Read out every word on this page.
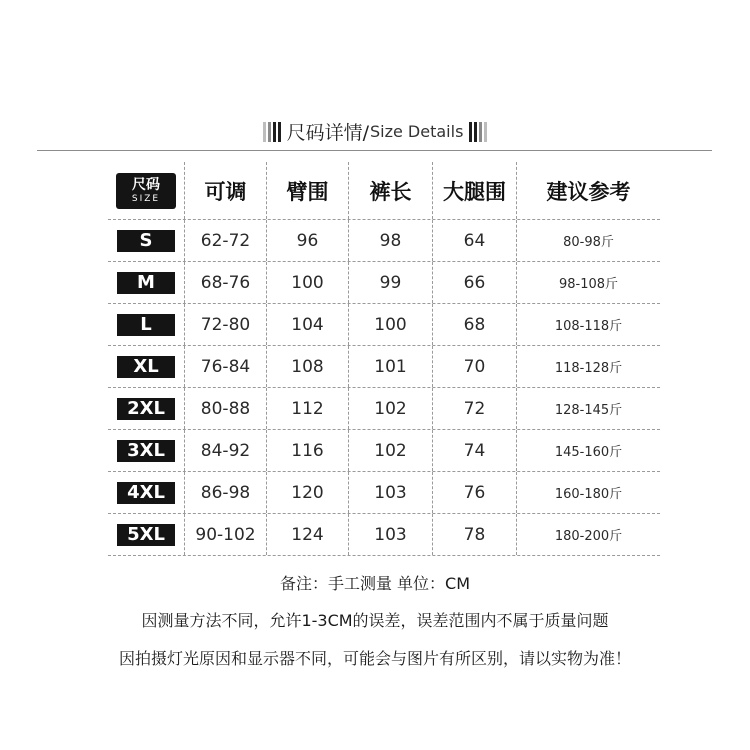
尺码详情/ Size Details
尺码
SIZE	可调	臂围	裤长	大腿围	建议参考
S	62-72	96	98	64	80-98斤
M	68-76	100	99	66	98-108斤
L	72-80	104	100	68	108-118斤
XL	76-84	108	101	70	118-128斤
2XL	80-88	112	102	72	128-145斤
3XL	84-92	116	102	74	145-160斤
4XL	86-98	120	103	76	160-180斤
5XL	90-102	124	103	78	180-200斤
备注：手工测量 单位：CM
因测量方法不同，允许1-3CM的误差，误差范围内不属于质量问题
因拍摄灯光原因和显示器不同，可能会与图片有所区别，请以实物为准！
